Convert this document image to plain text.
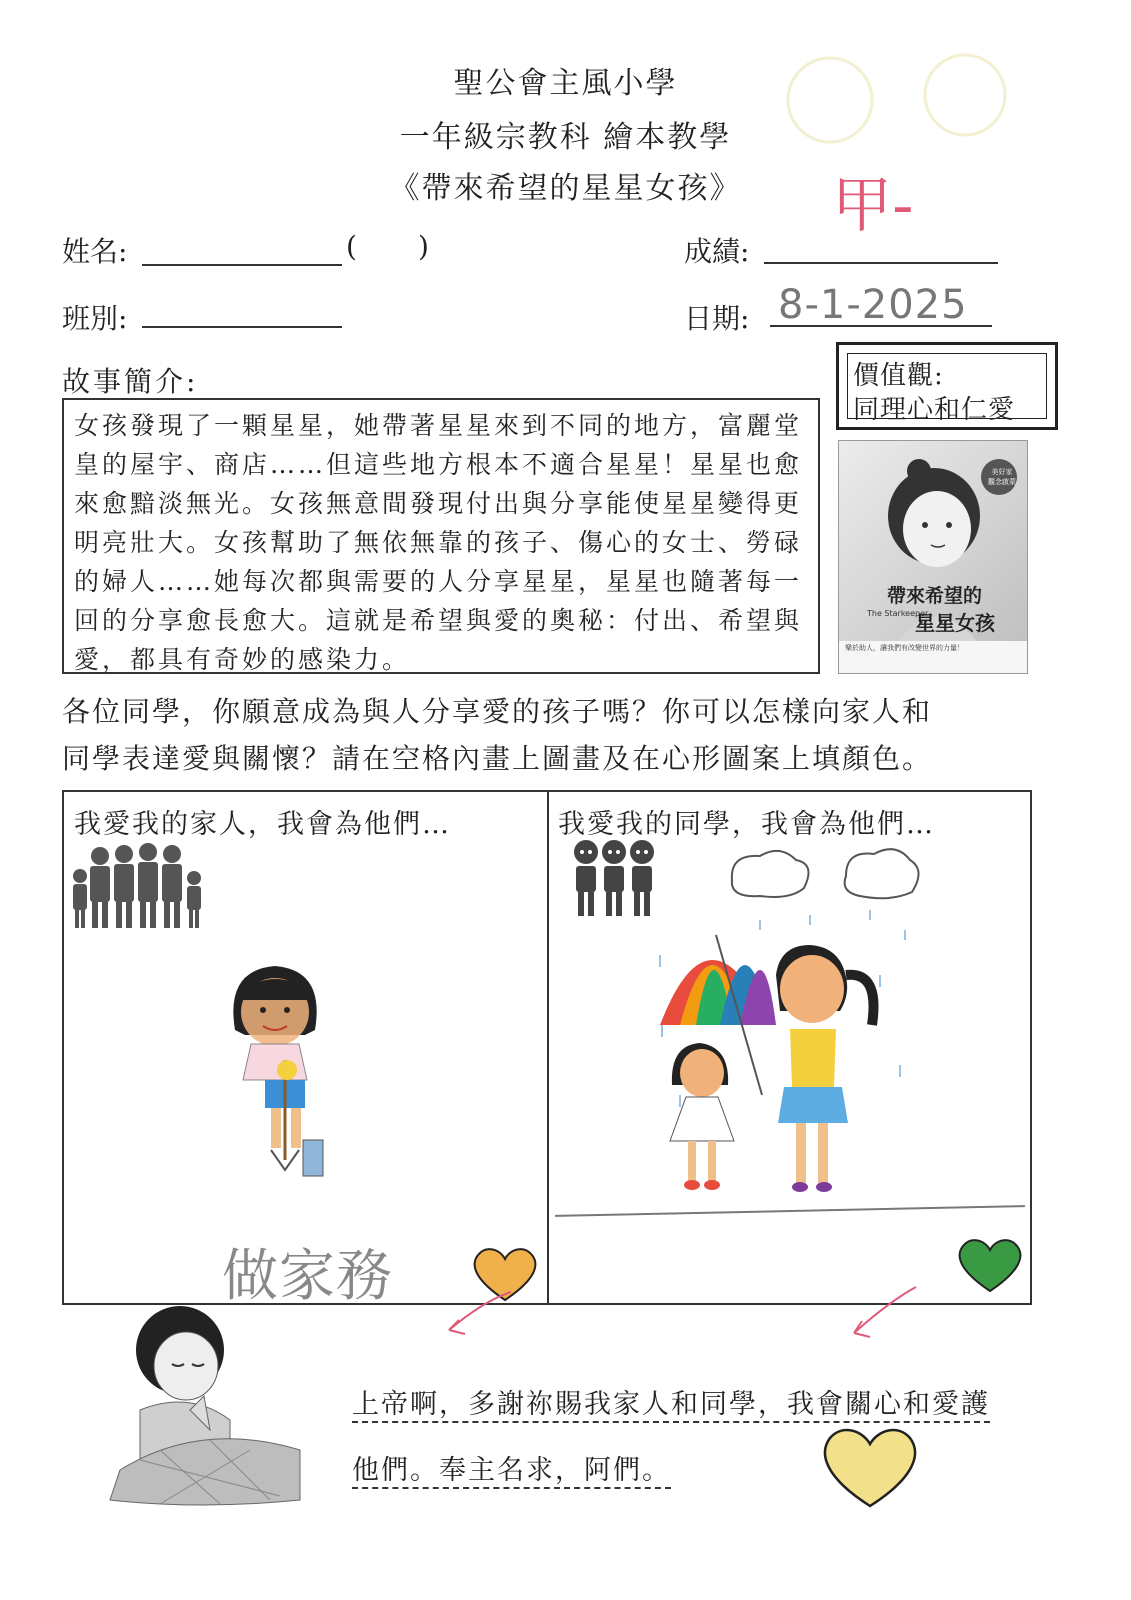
聖公會主風小學
一年級宗教科 繪本教學
《帶來希望的星星女孩》	甲-
姓名:	( )	成績:
班別:	日期: 8-1-2025
價值觀:
同理心和仁愛
故事簡介:
女孩發現了一顆星星，她帶著星星來到不同的地方，富麗堂皇的屋宇、商店……但這些地方根本不適合星星！星星也愈來愈黯淡無光。女孩無意間發現付出與分享能使星星變得更明亮壯大。女孩幫助了無依無靠的孩子、傷心的女士、勞碌的婦人……她每次都與需要的人分享星星，星星也隨著每一回的分享愈長愈大。這就是希望與愛的奧秘：付出、希望與愛，都具有奇妙的感染力。
美好家 觀念啟蒙
帶來希望的
The Starkeeper
星星女孩
樂於助人，讓我們有改變世界的力量！
各位同學，你願意成為與人分享愛的孩子嗎？你可以怎樣向家人和
同學表達愛與關懷？請在空格內畫上圖畫及在心形圖案上填顏色。
我愛我的家人，我會為他們…
做家務
我愛我的同學，我會為他們…
上帝啊，多謝祢賜我家人和同學，我會關心和愛護
他們。奉主名求，阿們。
